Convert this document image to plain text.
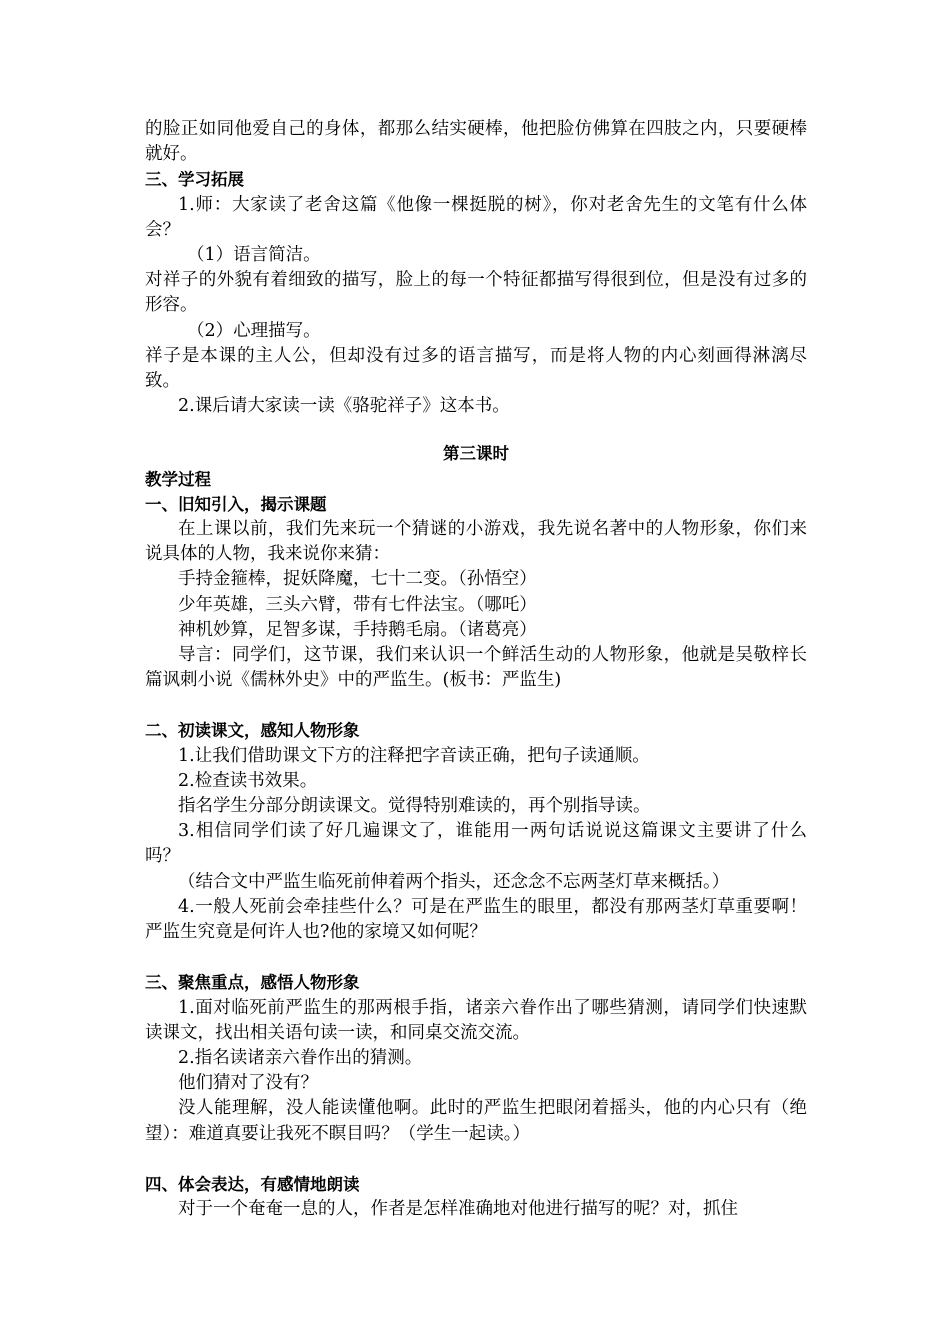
的脸正如同他爱自己的身体，都那么结实硬棒，他把脸仿佛算在四肢之内，只要硬棒就好。
三、学习拓展
1.师：大家读了老舍这篇《他像一棵挺脱的树》，你对老舍先生的文笔有什么体会？
（1）语言简洁。
对祥子的外貌有着细致的描写，脸上的每一个特征都描写得很到位，但是没有过多的形容。
（2）心理描写。
祥子是本课的主人公，但却没有过多的语言描写，而是将人物的内心刻画得淋漓尽致。
2.课后请大家读一读《骆驼祥子》这本书。
第三课时
教学过程
一、旧知引入，揭示课题
在上课以前，我们先来玩一个猜谜的小游戏，我先说名著中的人物形象，你们来说具体的人物，我来说你来猜：
手持金箍棒，捉妖降魔，七十二变。（孙悟空）
少年英雄，三头六臂，带有七件法宝。（哪吒）
神机妙算，足智多谋，手持鹅毛扇。（诸葛亮）
导言：同学们，这节课，我们来认识一个鲜活生动的人物形象，他就是吴敬梓长篇讽刺小说《儒林外史》中的严监生。(板书：严监生)
二、初读课文，感知人物形象
1.让我们借助课文下方的注释把字音读正确，把句子读通顺。
2.检查读书效果。
指名学生分部分朗读课文。觉得特别难读的，再个别指导读。
3.相信同学们读了好几遍课文了，谁能用一两句话说说这篇课文主要讲了什么吗？
（结合文中严监生临死前伸着两个指头，还念念不忘两茎灯草来概括。）
4.一般人死前会牵挂些什么？可是在严监生的眼里，都没有那两茎灯草重要啊！严监生究竟是何许人也?他的家境又如何呢？
三、聚焦重点，感悟人物形象
1.面对临死前严监生的那两根手指，诸亲六眷作出了哪些猜测，请同学们快速默读课文，找出相关语句读一读，和同桌交流交流。
2.指名读诸亲六眷作出的猜测。
他们猜对了没有？
没人能理解，没人能读懂他啊。此时的严监生把眼闭着摇头，他的内心只有（绝望）：难道真要让我死不瞑目吗？（学生一起读。）
四、体会表达，有感情地朗读
对于一个奄奄一息的人，作者是怎样准确地对他进行描写的呢？对，抓住
